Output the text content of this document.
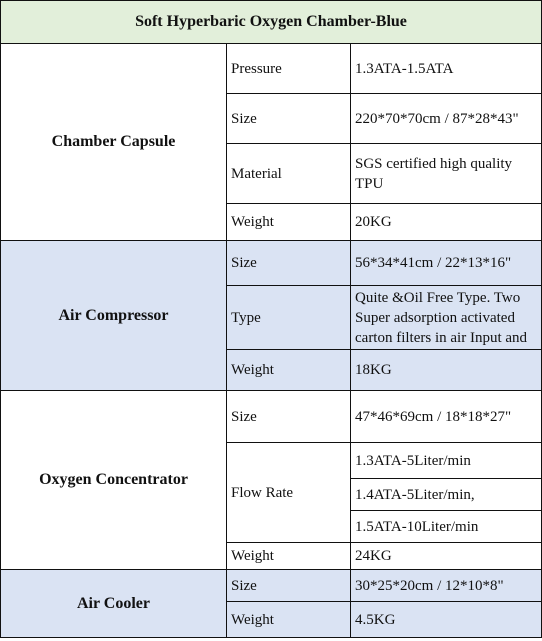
Soft Hyperbaric Oxygen Chamber-Blue		
Chamber Capsule	Pressure	1.3ATA-1.5ATA

	Size	220*70*70cm / 87*28*43"

	Material	SGS certified high quality
TPU

	Weight	20KG

Air Compressor	Size	56*34*41cm / 22*13*16"

	Type	Quite &Oil Free Type. Two
Super adsorption activated
carton filters in air Input and

	Weight	18KG

Oxygen Concentrator	Size	47*46*69cm / 18*18*27"

	Flow Rate	1.3ATA-5Liter/min

		1.4ATA-5Liter/min,

		1.5ATA-10Liter/min

	Weight	24KG

Air Cooler	Size	30*25*20cm / 12*10*8"

	Weight	4.5KG
